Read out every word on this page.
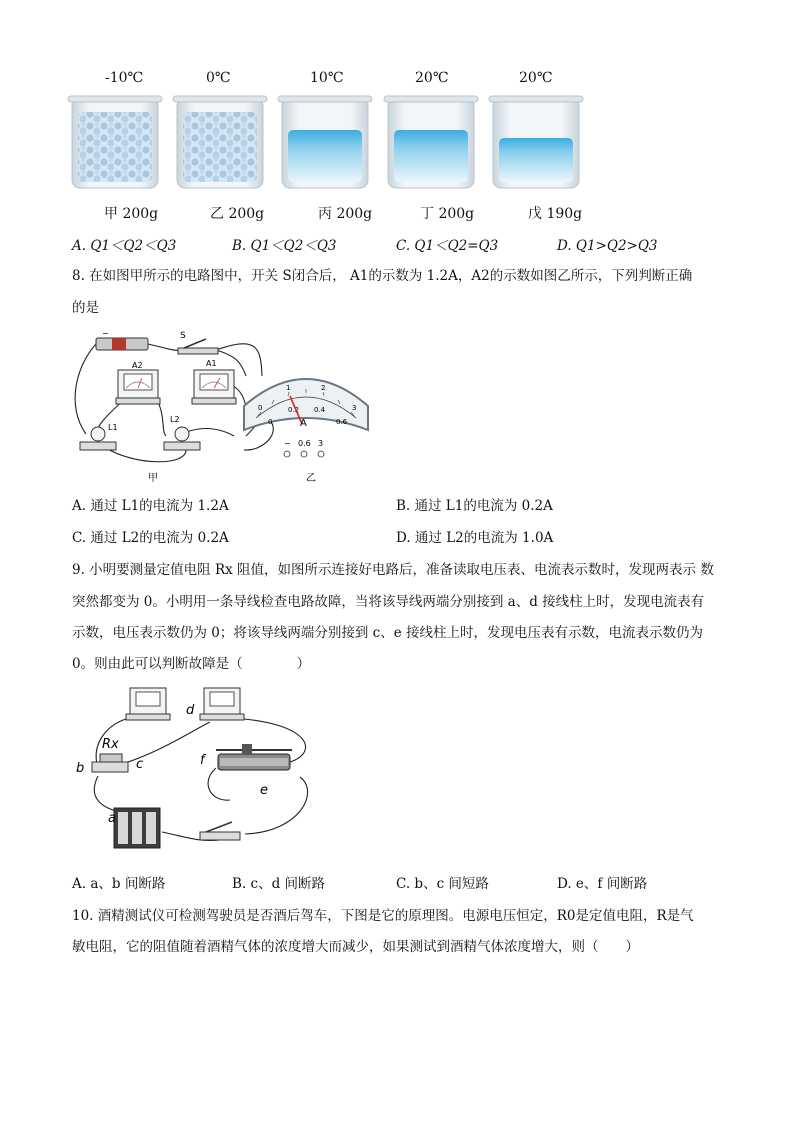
-10℃	0℃	10℃	20℃	20℃
甲 200g	乙 200g	丙 200g	丁 200g	戊 190g
A. Q1＜Q2＜Q3	B. Q1＜Q2＜Q3	C. Q1＜Q2=Q3	D. Q1>Q2>Q3
8. 在如图甲所示的电路图中，开关 S闭合后， A1的示数为 1.2A，A2的示数如图乙所示，下列判断正确
的是
−	S
A2	A1
L1
L2
甲
0
1	2
3
0
0.2 0.4
0.6
A
− 0.6 3
乙
A. 通过 L1的电流为 1.2A	B. 通过 L1的电流为 0.2A
C. 通过 L2的电流为 0.2A	D. 通过 L2的电流为 1.0A
9. 小明要测量定值电阻 Rx 阻值，如图所示连接好电路后，准备读取电压表、电流表示数时，发现两表示 数
突然都变为 0。小明用一条导线检查电路故障，当将该导线两端分别接到 a、d 接线柱上时，发现电流表有
示数，电压表示数仍为 0；将该导线两端分别接到 c、e 接线柱上时，发现电压表有示数，电流表示数仍为
0。则由此可以判断故障是（　　　　）
Rx
a
b	c
d
e
f
A. a、b 间断路	B. c、d 间断路	C. b、c 间短路	D. e、f 间断路
10. 酒精测试仪可检测驾驶员是否酒后驾车，下图是它的原理图。电源电压恒定，R0是定值电阻，R是气
敏电阻，它的阻值随着酒精气体的浓度增大而减少，如果测试到酒精气体浓度增大，则（　　）
